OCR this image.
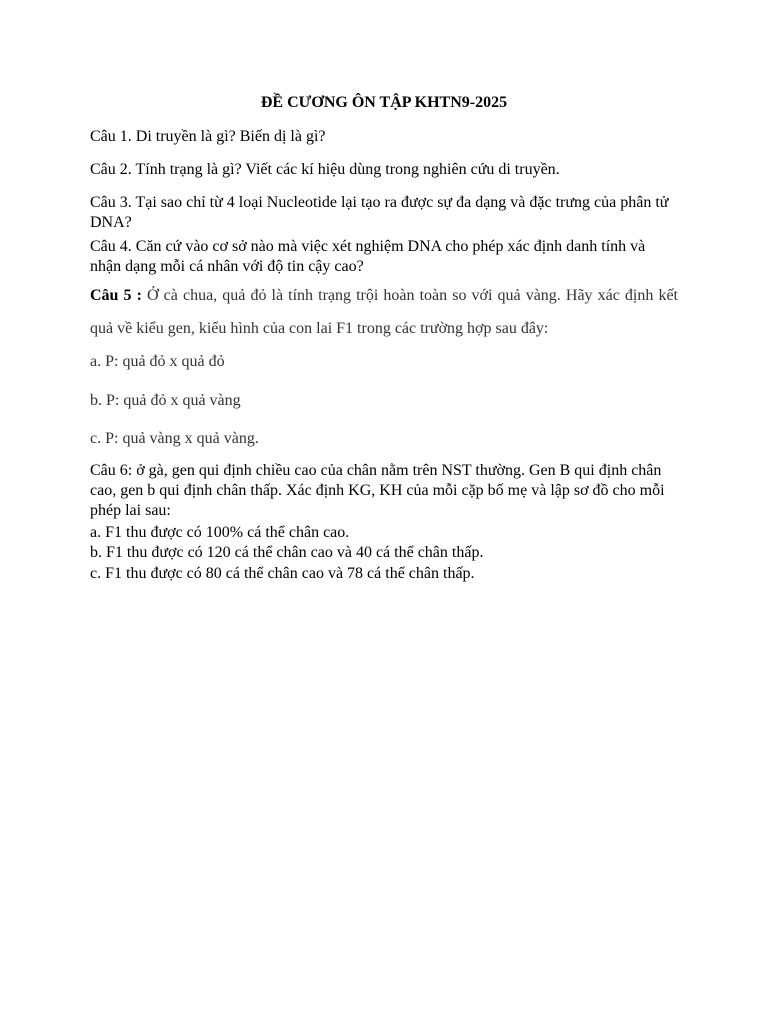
ĐỀ CƯƠNG ÔN TẬP KHTN9-2025

Câu 1. Di truyền là gì? Biến dị là gì?

Câu 2. Tính trạng là gì? Viết các kí hiệu dùng trong nghiên cứu di truyền.

Câu 3. Tại sao chỉ từ 4 loại Nucleotide lại tạo ra được sự đa dạng và đặc trưng của phân tử DNA?

Câu 4. Căn cứ vào cơ sở nào mà việc xét nghiệm DNA cho phép xác định danh tính và nhận dạng mỗi cá nhân với độ tin cậy cao?

Câu 5 : Ở cà chua, quả đỏ là tính trạng trội hoàn toàn so với quả vàng. Hãy xác định kết quả về kiểu gen, kiểu hình của con lai F1 trong các trường hợp sau đây:

a. P: quả đỏ x quả đỏ

b. P: quả đỏ x quả vàng

c. P: quả vàng x quả vàng.

Câu 6: ở gà, gen qui định chiều cao của chân nằm trên NST thường. Gen B qui định chân cao, gen b qui định chân thấp. Xác định KG, KH của mỗi cặp bố mẹ và lập sơ đồ cho mỗi phép lai sau:

a. F1 thu được có 100% cá thể chân cao.

b. F1 thu được có 120 cá thể chân cao và 40 cá thể chân thấp.

c. F1 thu được có 80 cá thể chân cao và 78 cá thể chân thấp.
